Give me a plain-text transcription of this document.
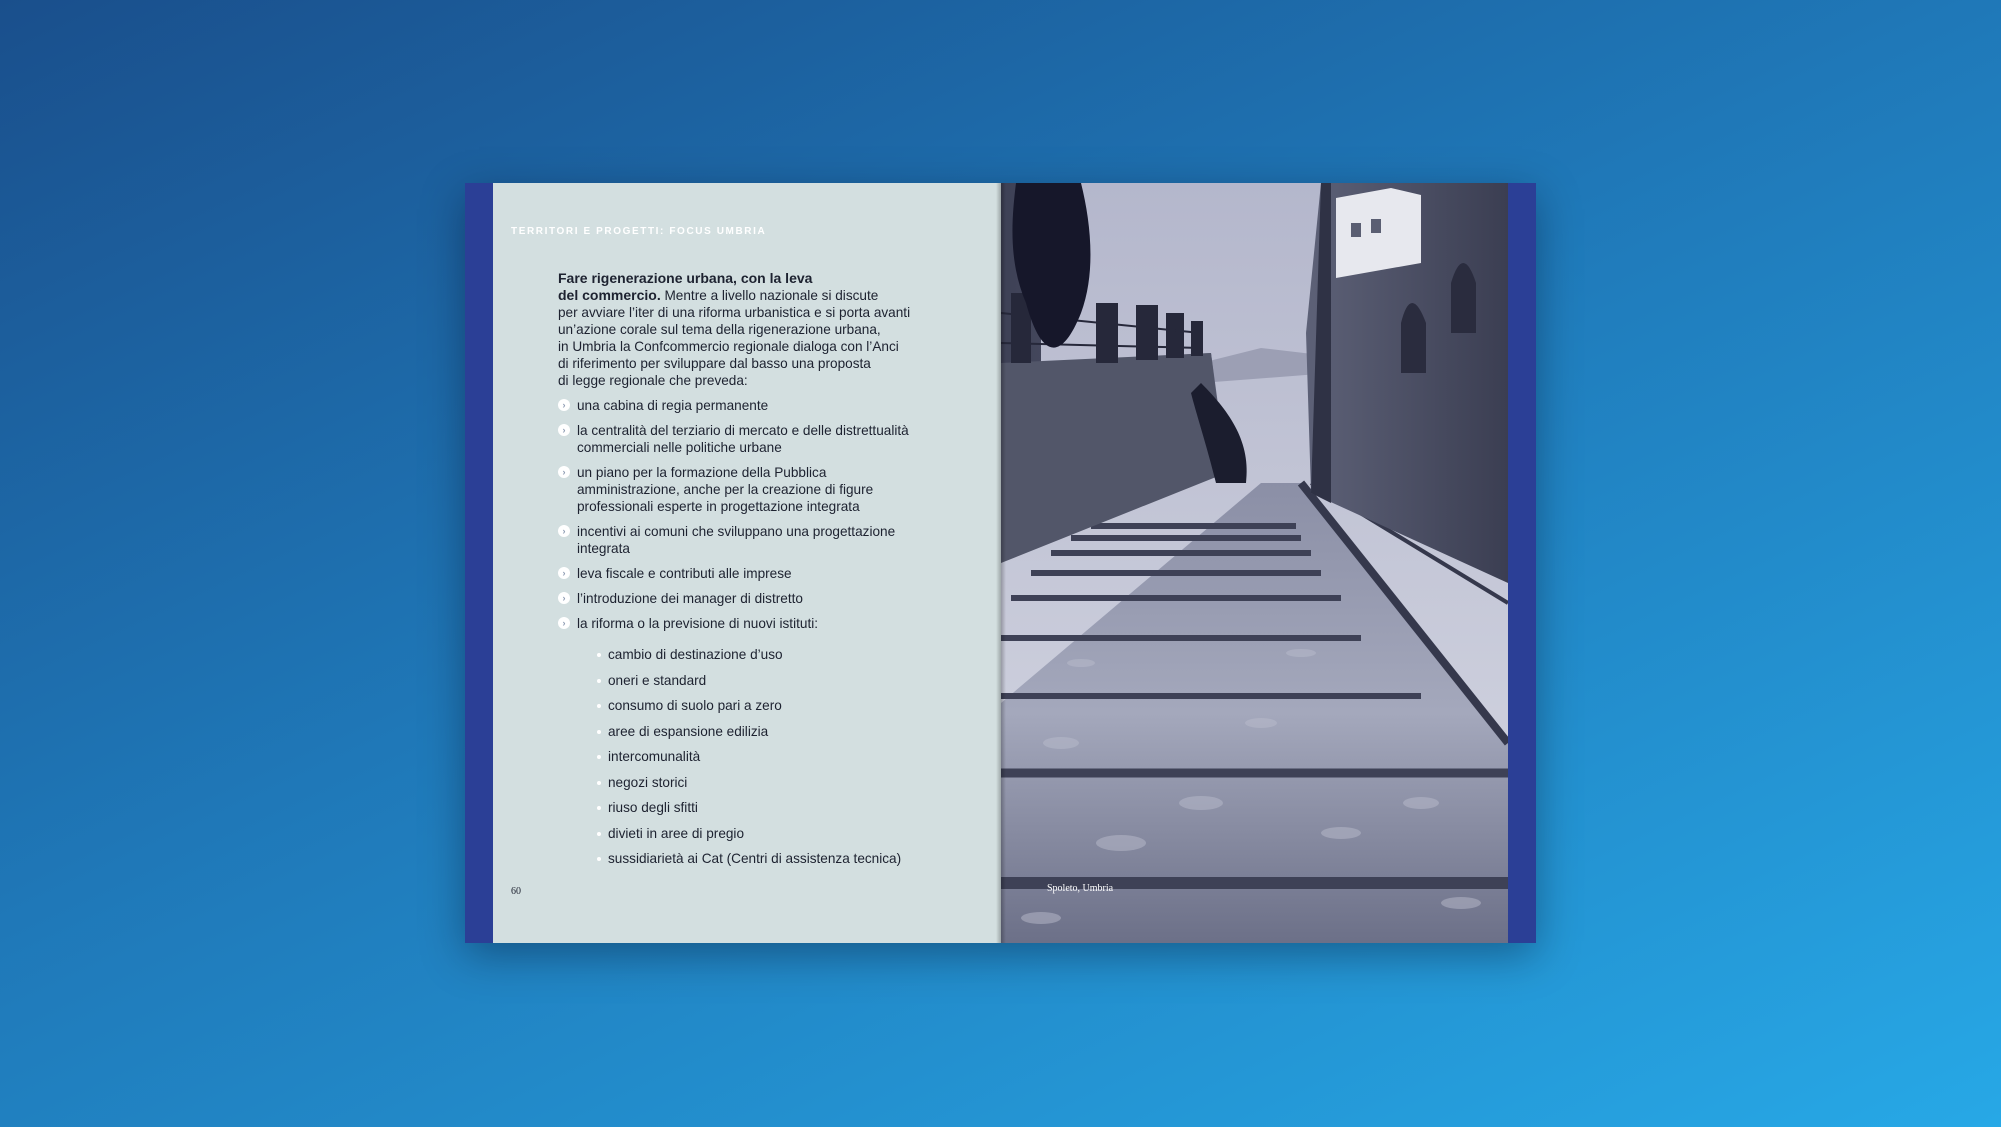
TERRITORI E PROGETTI: FOCUS UMBRIA
Fare rigenerazione urbana, con la leva
del commercio. Mentre a livello nazionale si discute
per avviare l’iter di una riforma urbanistica e si porta avanti
un’azione corale sul tema della rigenerazione urbana,
in Umbria la Confcommercio regionale dialoga con l’Anci
di riferimento per sviluppare dal basso una proposta
di legge regionale che preveda:
› una cabina di regia permanente
› la centralità del terziario di mercato e delle distrettualità commerciali nelle politiche urbane
› un piano per la formazione della Pubblica amministrazione, anche per la creazione di figure professionali esperte in progettazione integrata
› incentivi ai comuni che sviluppano una progettazione integrata
› leva fiscale e contributi alle imprese
› l’introduzione dei manager di distretto
› la riforma o la previsione di nuovi istituti:
cambio di destinazione d’uso
oneri e standard
consumo di suolo pari a zero
aree di espansione edilizia
intercomunalità
negozi storici
riuso degli sfitti
divieti in aree di pregio
sussidiarietà ai Cat (Centri di assistenza tecnica)
60	Spoleto, Umbria
